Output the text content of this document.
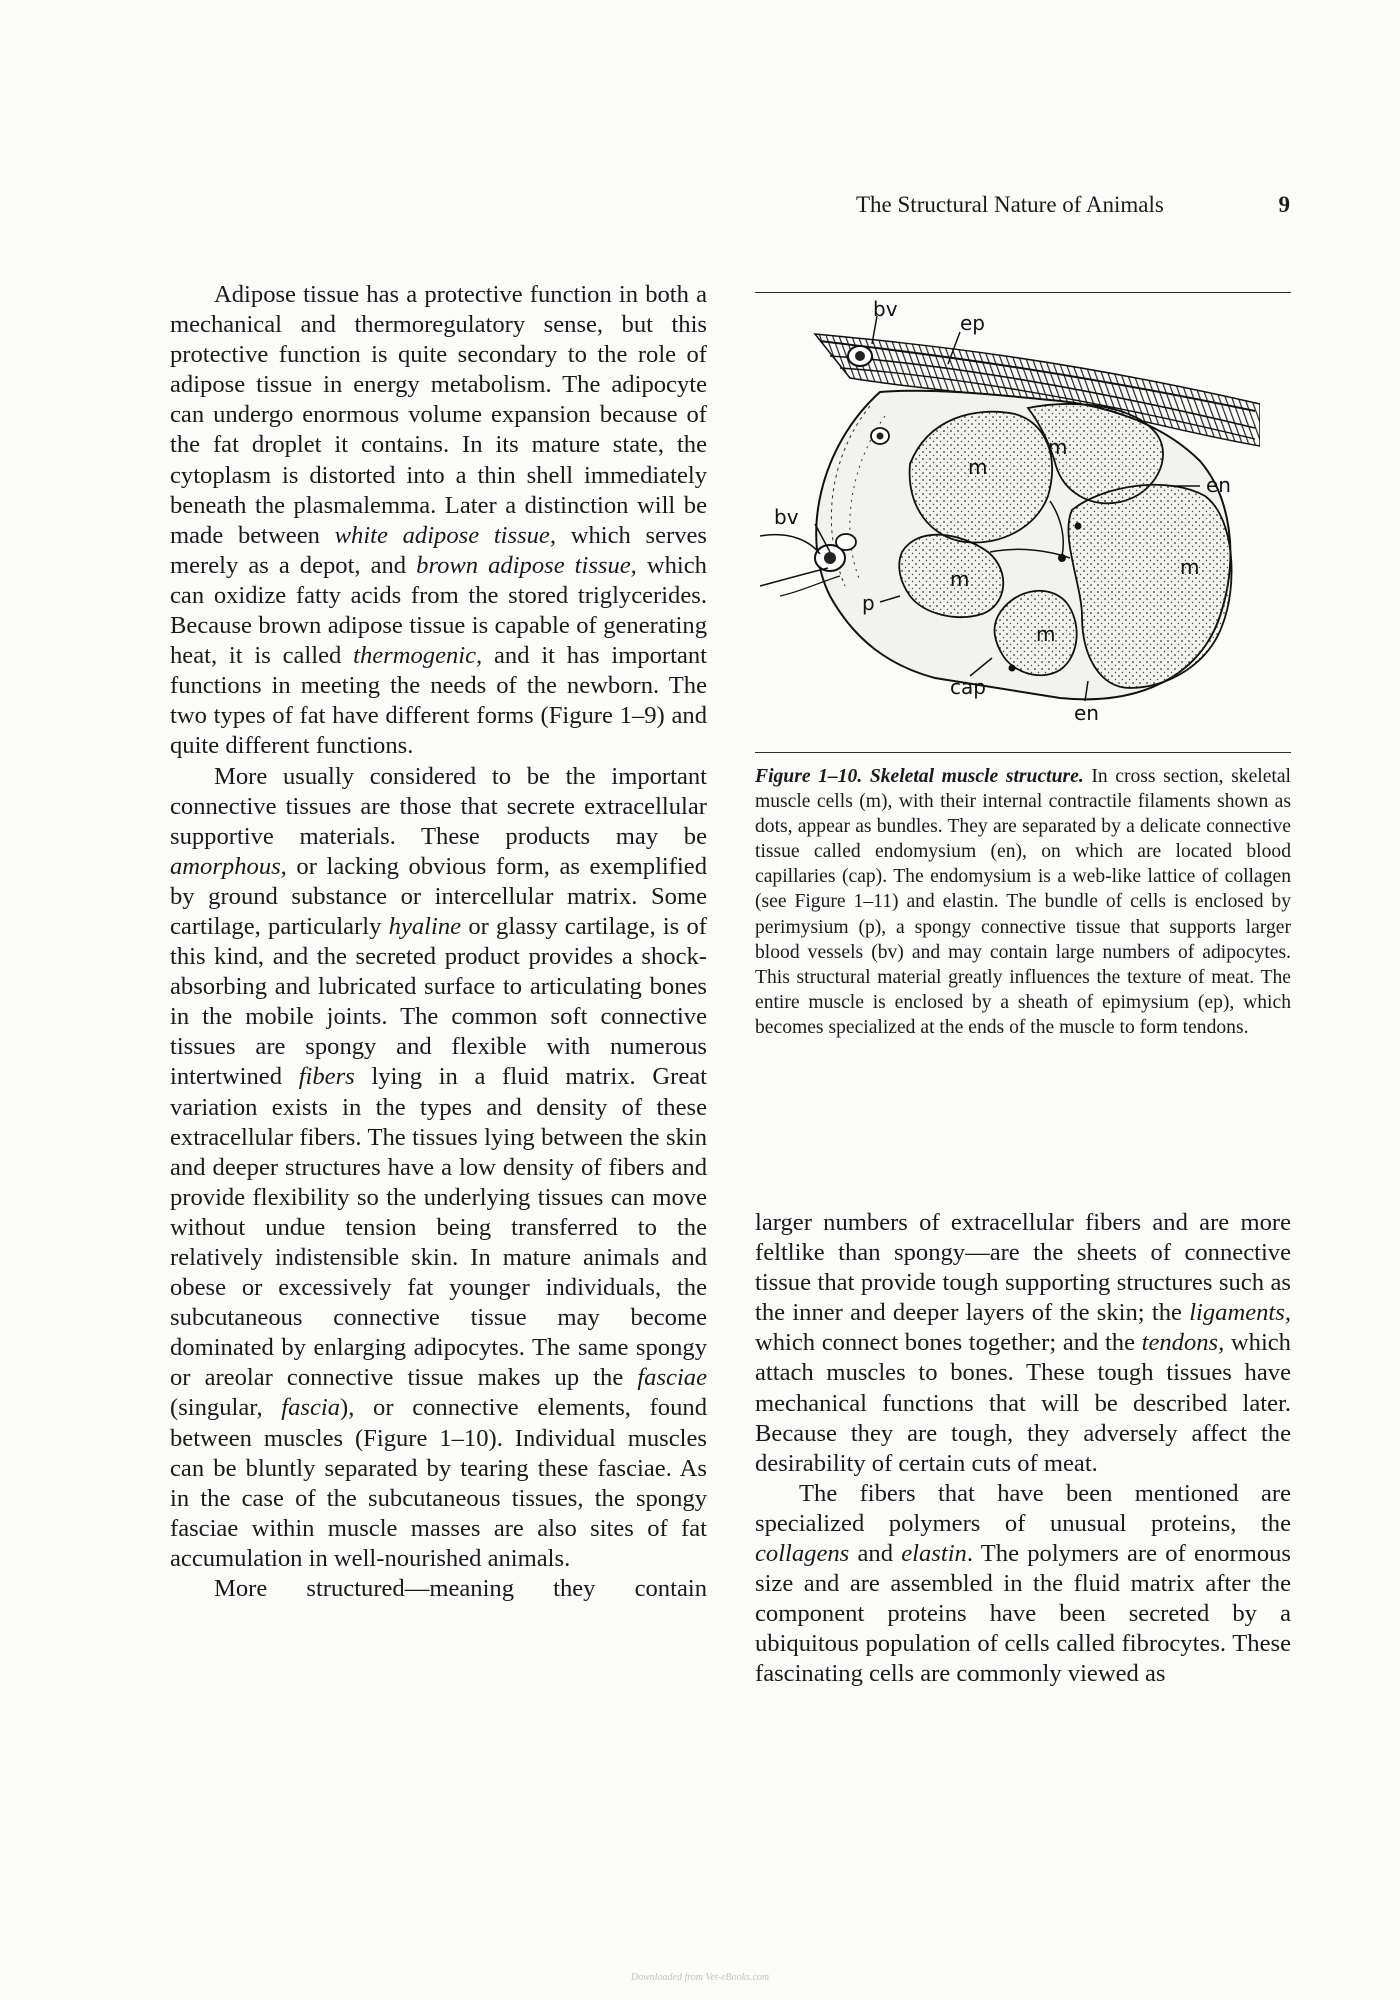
The Structural Nature of Animals	9
bv
ep
m
m
m
m
m
en
bv
p
cap
en

Figure 1–10. Skeletal muscle structure. In cross section, skeletal muscle cells (m), with their internal contractile filaments shown as dots, appear as bundles. They are separated by a delicate connective tissue called endomysium (en), on which are located blood capillaries (cap). The endomysium is a web-like lattice of collagen (see Figure 1–11) and elastin. The bundle of cells is enclosed by perimysium (p), a spongy connective tissue that supports larger blood vessels (bv) and may contain large numbers of adipocytes. This structural material greatly influences the texture of meat. The entire muscle is enclosed by a sheath of epimysium (ep), which becomes specialized at the ends of the muscle to form tendons.

Adipose tissue has a protective function in both a mechanical and thermoregulatory sense, but this protective function is quite secondary to the role of adipose tissue in energy metabolism. The adipocyte can undergo enormous volume expansion because of the fat droplet it contains. In its mature state, the cytoplasm is distorted into a thin shell immediately beneath the plasmalemma. Later a distinction will be made between white adipose tissue, which serves merely as a depot, and brown adipose tissue, which can oxidize fatty acids from the stored triglycerides. Because brown adipose tissue is capable of generating heat, it is called thermogenic, and it has important functions in meeting the needs of the newborn. The two types of fat have different forms (Figure 1–9) and quite different functions.

More usually considered to be the important connective tissues are those that secrete extracellular supportive materials. These products may be amorphous, or lacking obvious form, as exemplified by ground substance or intercellular matrix. Some cartilage, particularly hyaline or glassy cartilage, is of this kind, and the secreted product provides a shock-absorbing and lubricated surface to articulating bones in the mobile joints. The common soft connective tissues are spongy and flexible with numerous intertwined fibers lying in a fluid matrix. Great variation exists in the types and density of these extracellular fibers. The tissues lying between the skin and deeper structures have a low density of fibers and provide flexibility so the underlying tissues can move without undue tension being transferred to the relatively indistensible skin. In mature animals and obese or excessively fat younger individuals, the subcutaneous connective tissue may become dominated by enlarging adipocytes. The same spongy or areolar connective tissue makes up the fasciae (singular, fascia), or connective elements, found between muscles (Figure 1–10). Individual muscles can be bluntly separated by tearing these fasciae. As in the case of the subcutaneous tissues, the spongy fasciae within muscle masses are also sites of fat accumulation in well-nourished animals.

More structured—meaning they contain

larger numbers of extracellular fibers and are more feltlike than spongy—are the sheets of connective tissue that provide tough supporting structures such as the inner and deeper layers of the skin; the ligaments, which connect bones together; and the tendons, which attach muscles to bones. These tough tissues have mechanical functions that will be described later. Because they are tough, they adversely affect the desirability of certain cuts of meat.

The fibers that have been mentioned are specialized polymers of unusual proteins, the collagens and elastin. The polymers are of enormous size and are assembled in the fluid matrix after the component proteins have been secreted by a ubiquitous population of cells called fibrocytes. These fascinating cells are commonly viewed as

Downloaded from Vet-eBooks.com
